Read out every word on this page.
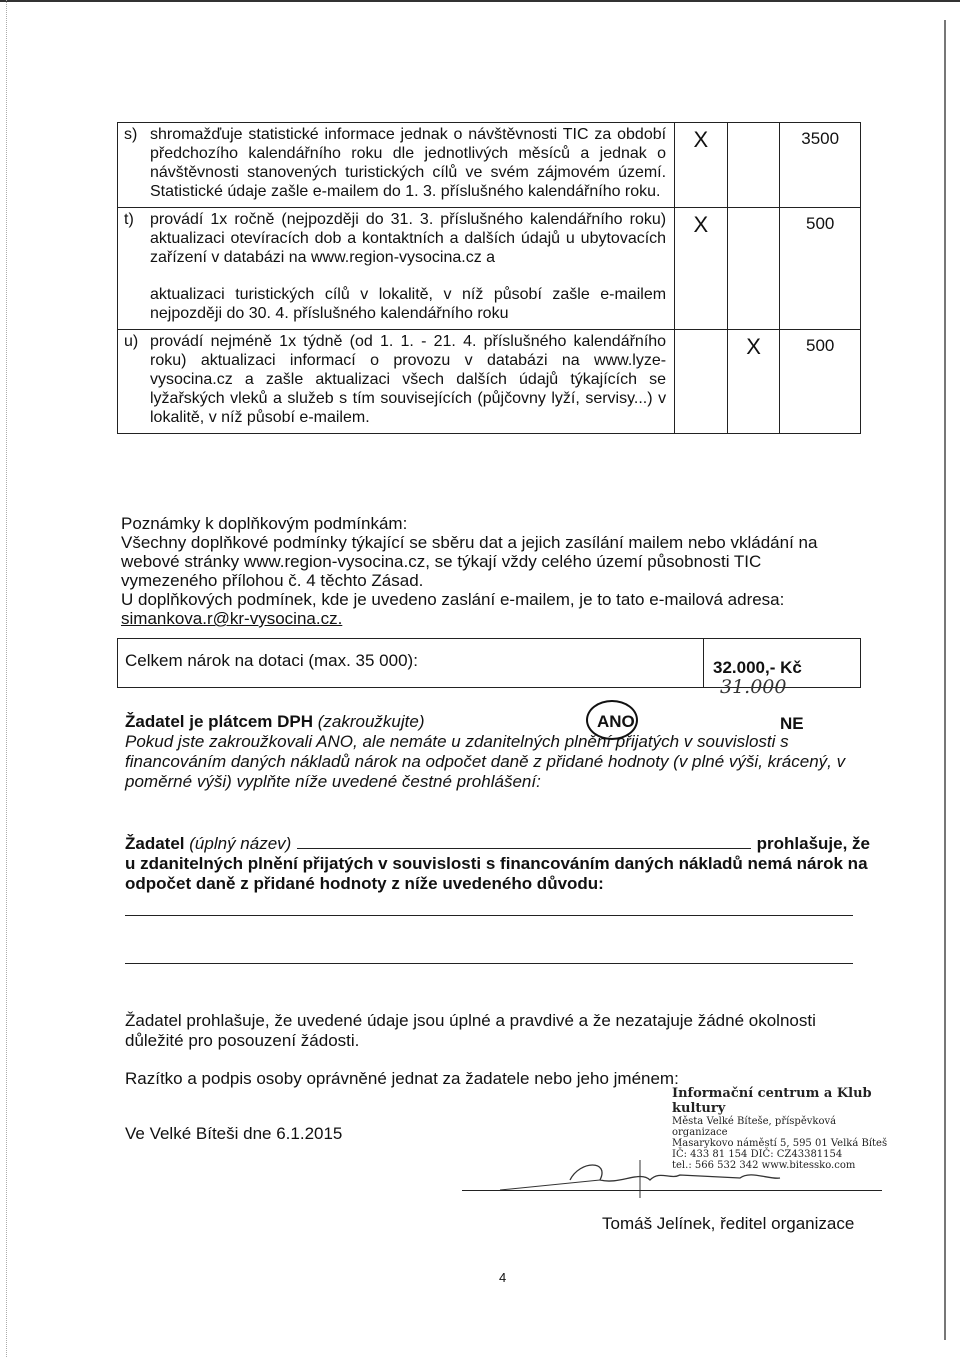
s) shromažďuje statistické informace jednak o návštěvnosti TIC za období předchozího kalendářního roku dle jednotlivých měsíců a jednak o návštěvnosti stanovených turistických cílů ve svém zájmovém území. Statistické údaje zašle e-mailem do 1. 3. příslušného kalendářního roku.	X		3500

t) provádí 1x ročně (nejpozději do 31. 3. příslušného kalendářního roku) aktualizaci otevíracích dob a kontaktních a dalších údajů u ubytovacích zařízení v databázi na www.region-vysocina.cz a
aktualizaci turistických cílů v lokalitě, v níž působí zašle e-mailem nejpozději do 30. 4. příslušného kalendářního roku	X		500

u) provádí nejméně 1x týdně (od 1. 1. - 21. 4. příslušného kalendářního roku) aktualizaci informací o provozu v databázi na www.lyze-vysocina.cz a zašle aktualizaci všech dalších údajů týkajících se lyžařských vleků a služeb s tím souvisejících (půjčovny lyží, servisy...) v lokalitě, v níž působí e-mailem.		X	500

Poznámky k doplňkovým podmínkám:

Všechny doplňkové podmínky týkající se sběru dat a jejich zasílání mailem nebo vkládání na webové stránky www.region-vysocina.cz, se týkají vždy celého území působnosti TIC vymezeného přílohou č. 4 těchto Zásad.

U doplňkových podmínek, kde je uvedeno zaslání e-mailem, je to tato e-mailová adresa:

simankova.r@kr-vysocina.cz.

Celkem nárok na dotaci (max. 35 000):	32.000,- Kč
31.000
ANO	NE
Žadatel je plátcem DPH (zakroužkujte)
Pokud jste zakroužkovali ANO, ale nemáte u zdanitelných plnění přijatých v souvislosti s financováním daných nákladů nárok na odpočet daně z přidané hodnoty (v plné výši, krácený, v poměrné výši) vyplňte níže uvedené čestné prohlášení:
Žadatel
(úplný název)	prohlašuje, že
u zdanitelných plnění přijatých v souvislosti s financováním daných nákladů nemá nárok na odpočet daně z přidané hodnoty z níže uvedeného důvodu:
Žadatel prohlašuje, že uvedené údaje jsou úplné a pravdivé a že nezatajuje žádné okolnosti důležité pro posouzení žádosti.
Razítko a podpis osoby oprávněné jednat za žadatele nebo jeho jménem:
Ve Velké Bíteši dne 6.1.2015
Informační centrum a Klub kultury
Města Velké Bíteše, příspěvková organizace
Masarykovo náměstí 5, 595 01 Velká Bíteš
IČ: 433 81 154 DIČ: CZ43381154
tel.: 566 532 342 www.bitessko.com
Tomáš Jelínek, ředitel organizace
4
